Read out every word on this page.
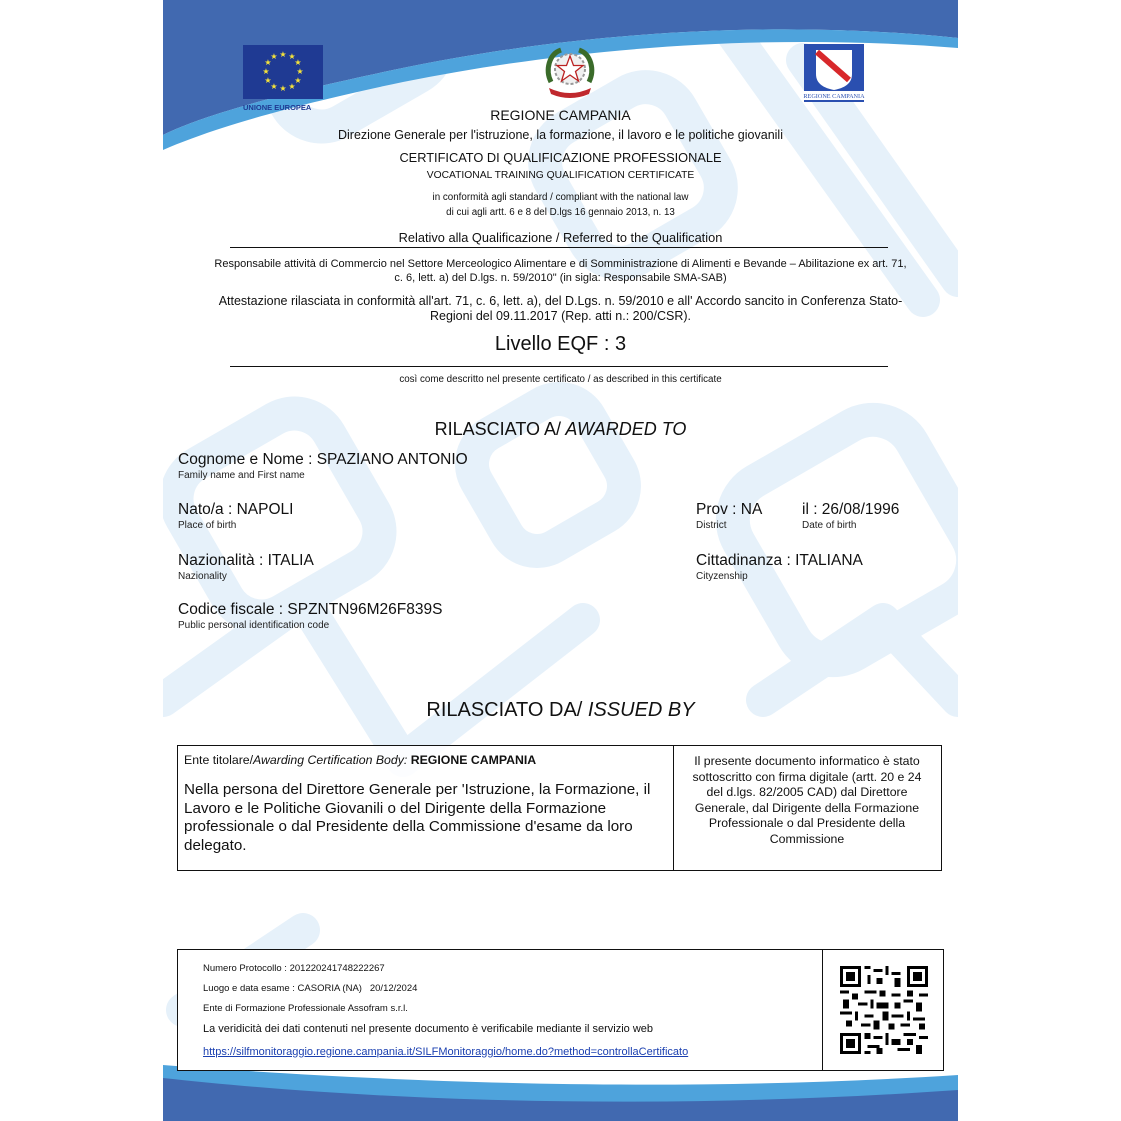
★ ★
★
★
★
★
★
★
★
★
★
★
UNIONE EUROPEA
REGIONE CAMPANIA
REGIONE CAMPANIA
Direzione Generale per l'istruzione, la formazione, il lavoro e le politiche giovanili
CERTIFICATO DI QUALIFICAZIONE PROFESSIONALE
VOCATIONAL TRAINING QUALIFICATION CERTIFICATE
in conformità agli standard / compliant with the national law
di cui agli artt. 6 e 8 del D.lgs 16 gennaio 2013, n. 13
Relativo alla Qualificazione / Referred to the Qualification
Responsabile attività di Commercio nel Settore Merceologico Alimentare e di Somministrazione di Alimenti e Bevande – Abilitazione ex art. 71,
c. 6, lett. a) del D.lgs. n. 59/2010" (in sigla: Responsabile SMA-SAB)
Attestazione rilasciata in conformità all'art. 71, c. 6, lett. a), del D.Lgs. n. 59/2010 e all' Accordo sancito in Conferenza Stato-
Regioni del 09.11.2017 (Rep. atti n.: 200/CSR).
Livello EQF : 3
così come descritto nel presente certificato / as described in this certificate
RILASCIATO A/ AWARDED TO
Cognome e Nome : SPAZIANO ANTONIO
Family name and First name
Nato/a : NAPOLI
Place of birth
Prov : NA
District
il : 26/08/1996
Date of birth
Nazionalità : ITALIA
Nazionality
Cittadinanza : ITALIANA
Cityzenship
Codice fiscale : SPZNTN96M26F839S
Public personal identification code
RILASCIATO DA/ ISSUED BY
Ente titolare/Awarding Certification Body: REGIONE CAMPANIA
Nella persona del Direttore Generale per 'Istruzione, la Formazione, il Lavoro e le Politiche Giovanili o del Dirigente della Formazione professionale o dal Presidente della Commissione d'esame da loro delegato.
Il presente documento informatico è stato sottoscritto con firma digitale (artt. 20 e 24 del d.lgs. 82/2005 CAD) dal Direttore Generale, dal Dirigente della Formazione Professionale o dal Presidente della Commissione
Numero Protocollo : 201220241748222267
Luogo e data esame : CASORIA (NA)   20/12/2024
Ente di Formazione Professionale Assofram s.r.l.
La veridicità dei dati contenuti nel presente documento è verificabile mediante il servizio web
https://silfmonitoraggio.regione.campania.it/SILFMonitoraggio/home.do?method=controllaCertificato
